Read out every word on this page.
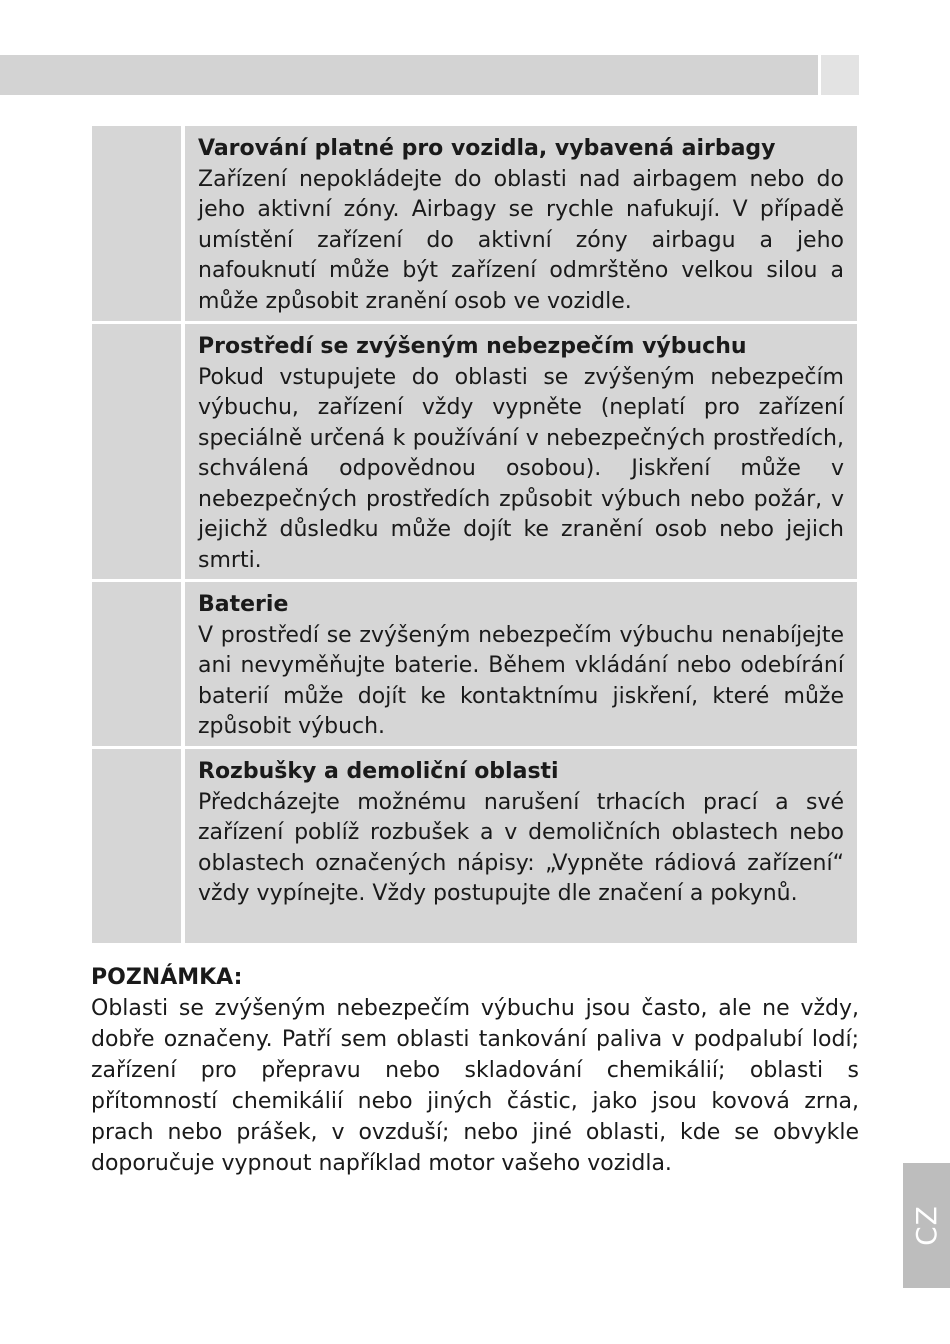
Varování platné pro vozidla, vybavená airbagy
Zařízení nepokládejte do oblasti nad airbagem nebo do jeho aktivní zóny. Airbagy se rychle nafukují. V případě umístění zařízení do aktivní zóny airbagu a jeho nafouknutí může být zařízení odmrštěno velkou silou a může způsobit zranění osob ve vozidle.
Prostředí se zvýšeným nebezpečím výbuchu
Pokud vstupujete do oblasti se zvýšeným nebezpečím výbuchu, zařízení vždy vypněte (neplatí pro zařízení speciálně určená k používání v nebezpečných prostředích, schválená odpovědnou osobou). Jiskření může v nebezpečných prostředích způsobit výbuch nebo požár, v jejichž důsledku může dojít ke zranění osob nebo jejich smrti.
Baterie
V prostředí se zvýšeným nebezpečím výbuchu nenabíjejte ani nevyměňujte baterie. Během vkládání nebo odebírání baterií může dojít ke kontaktnímu jiskření, které může způsobit výbuch.
Rozbušky a demoliční oblasti
Předcházejte možnému narušení trhacích prací a své zařízení poblíž rozbušek a v demoličních oblastech nebo oblastech označených nápisy: „Vypněte rádiová zařízení“ vždy vypínejte. Vždy postupujte dle značení a pokynů.
POZNÁMKA:
Oblasti se zvýšeným nebezpečím výbuchu jsou často, ale ne vždy, dobře označeny. Patří sem oblasti tankování paliva v podpalubí lodí; zařízení pro přepravu nebo skladování chemikálií; oblasti s přítomností chemikálií nebo jiných částic, jako jsou kovová zrna, prach nebo prášek, v ovzduší; nebo jiné oblasti, kde se obvykle doporučuje vypnout například motor vašeho vozidla.
CZ
